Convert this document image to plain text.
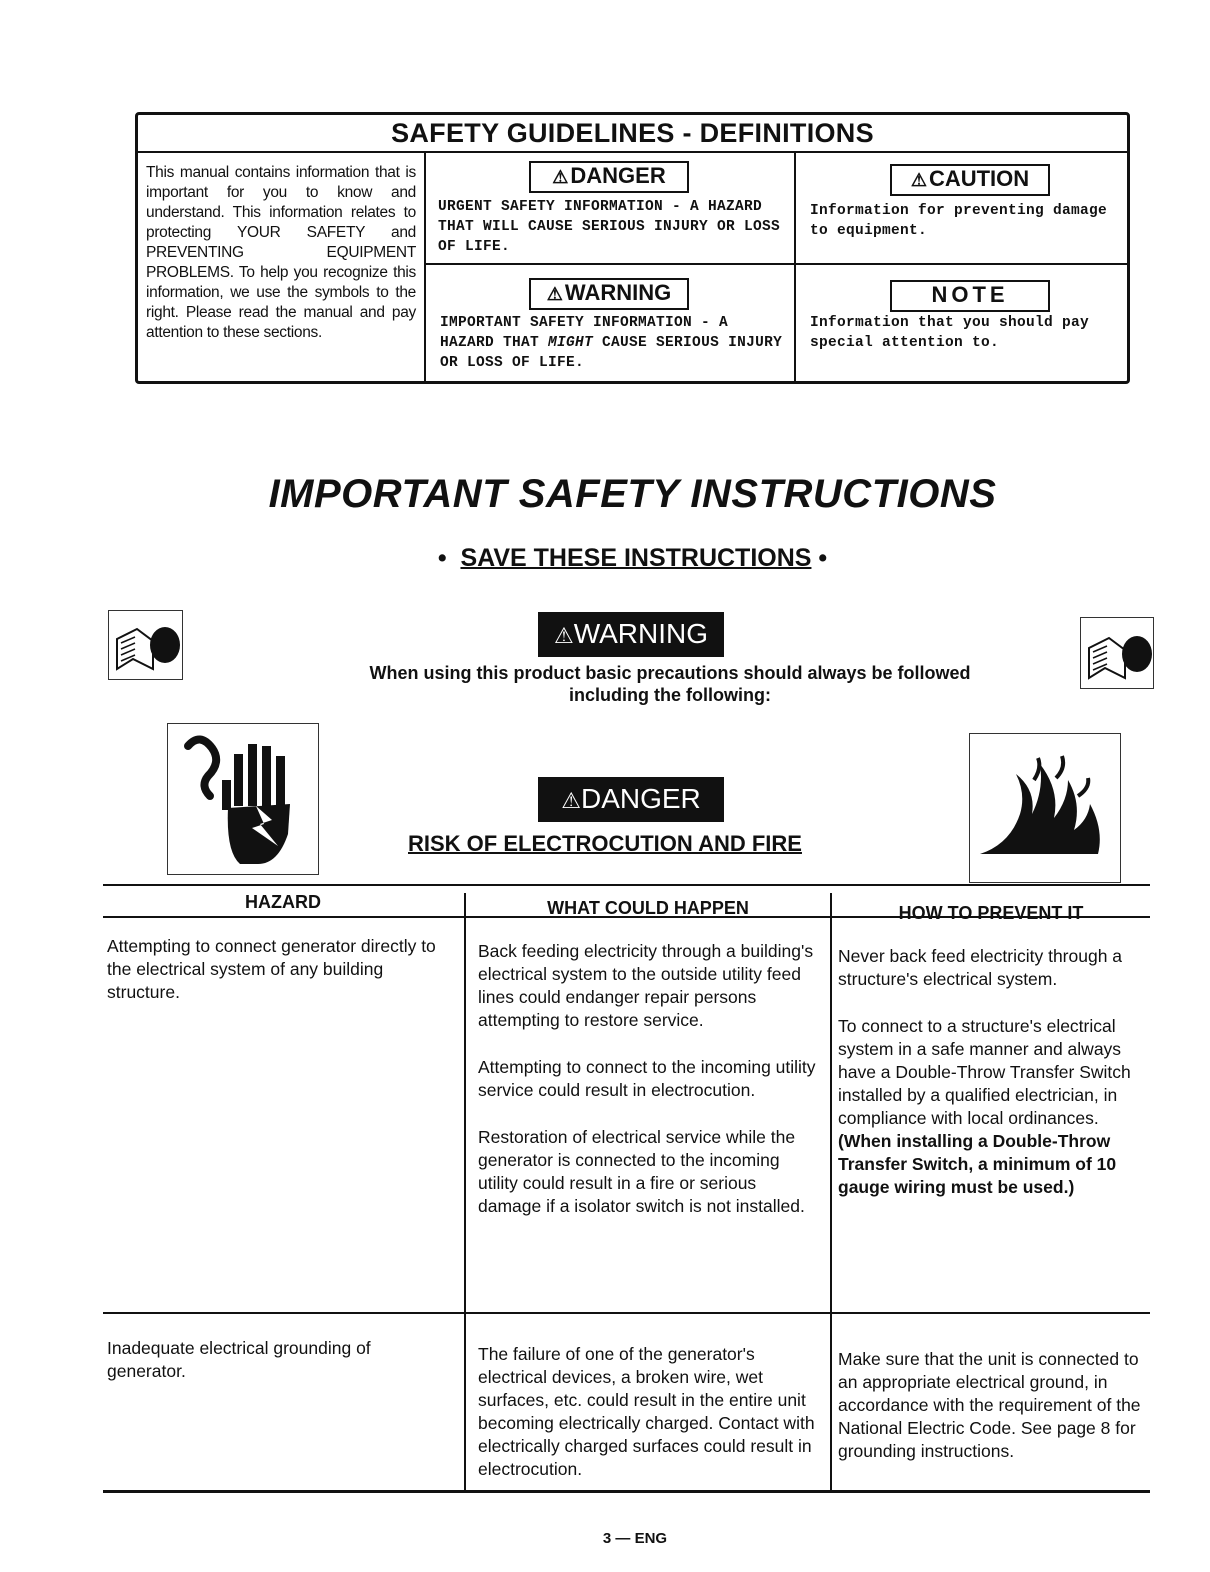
SAFETY GUIDELINES - DEFINITIONS
This manual contains information that is important for you to know and understand. This information relates to protecting YOUR SAFETY and PREVENTING EQUIPMENT PROBLEMS. To help you recognize this information, we use the symbols to the right. Please read the manual and pay attention to these sections.
⚠DANGER
URGENT SAFETY INFORMATION - A HAZARD THAT WILL CAUSE SERIOUS INJURY OR LOSS OF LIFE.
⚠CAUTION
Information for preventing damage to equipment.
⚠WARNING
IMPORTANT SAFETY INFORMATION - A HAZARD THAT MIGHT CAUSE SERIOUS INJURY OR LOSS OF LIFE.
NOTE
Information that you should pay special attention to.
IMPORTANT SAFETY INSTRUCTIONS
• SAVE THESE INSTRUCTIONS •
⚠WARNING
When using this product basic precautions should always be followed
including the following:
⚠DANGER
RISK OF ELECTROCUTION AND FIRE
HAZARD	WHAT COULD HAPPEN	HOW TO PREVENT IT
Attempting to connect generator directly to the electrical system of any building structure.

Back feeding electricity through a building's electrical system to the outside utility feed lines could endanger repair persons attempting to restore service.

Attempting to connect to the incoming utility service could result in electrocution.

Restoration of electrical service while the generator is connected to the incoming utility could result in a fire or serious damage if a isolator switch is not installed.

Never back feed electricity through a structure's electrical system.

To connect to a structure's electrical system in a safe manner and always have a Double-Throw Transfer Switch installed by a qualified electrician, in compliance with local ordinances. (When installing a Double-Throw Transfer Switch, a minimum of 10 gauge wiring must be used.)

Inadequate electrical grounding of generator.
The failure of one of the generator's electrical devices, a broken wire, wet surfaces, etc. could result in the entire unit becoming electrically charged. Contact with electrically charged surfaces could result in electrocution.
Make sure that the unit is connected to an appropriate electrical ground, in accordance with the requirement of the National Electric Code. See page 8 for grounding instructions.
3 — ENG
